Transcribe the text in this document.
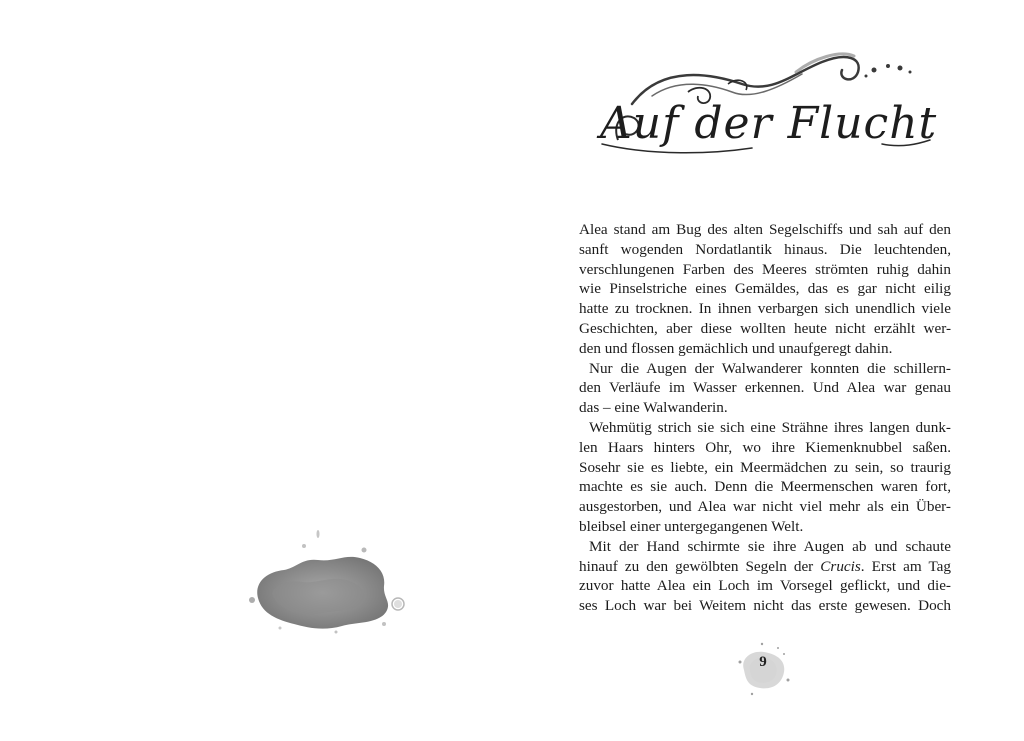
Auf der Flucht
Alea stand am Bug des alten Segelschiffs und sah auf den
sanft wogenden Nordatlantik hinaus. Die leuchtenden,
verschlungenen Farben des Meeres strömten ruhig dahin
wie Pinselstriche eines Gemäldes, das es gar nicht eilig
hatte zu trocknen. In ihnen verbargen sich unendlich viele
Geschichten, aber diese wollten heute nicht erzählt wer-
den und flossen gemächlich und unaufgeregt dahin.
Nur die Augen der Walwanderer konnten die schillern-
den Verläufe im Wasser erkennen. Und Alea war genau
das – eine Walwanderin.
Wehmütig strich sie sich eine Strähne ihres langen dunk-
len Haars hinters Ohr, wo ihre Kiemenknubbel saßen.
Sosehr sie es liebte, ein Meermädchen zu sein, so traurig
machte es sie auch. Denn die Meermenschen waren fort,
ausgestorben, und Alea war nicht viel mehr als ein Über-
bleibsel einer untergegangenen Welt.
Mit der Hand schirmte sie ihre Augen ab und schaute
hinauf zu den gewölbten Segeln der Crucis. Erst am Tag
zuvor hatte Alea ein Loch im Vorsegel geflickt, und die-
ses Loch war bei Weitem nicht das erste gewesen. Doch
9
